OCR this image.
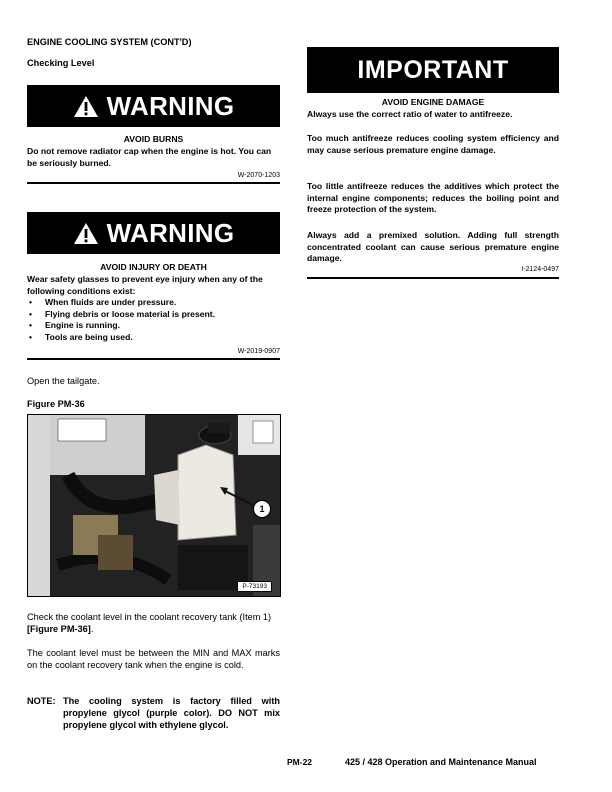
ENGINE COOLING SYSTEM (CONT'D)
Checking Level
WARNING
AVOID BURNS
Do not remove radiator cap when the engine is hot. You can be seriously burned.
W-2070-1203
WARNING
AVOID INJURY OR DEATH
Wear safety glasses to prevent eye injury when any of the following conditions exist:
• When fluids are under pressure.
• Flying debris or loose material is present.
• Engine is running.
• Tools are being used.
W-2019-0907
Open the tailgate.
Figure PM-36
1
P-73193
Check the coolant level in the coolant recovery tank (Item 1) [Figure PM-36].
The coolant level must be between the MIN and MAX marks on the coolant recovery tank when the engine is cold.
NOTE: The cooling system is factory filled with propylene glycol (purple color). DO NOT mix propylene glycol with ethylene glycol.
IMPORTANT
AVOID ENGINE DAMAGE
Always use the correct ratio of water to antifreeze.
Too much antifreeze reduces cooling system efficiency and may cause serious premature engine damage.
Too little antifreeze reduces the additives which protect the internal engine components; reduces the boiling point and freeze protection of the system.
Always add a premixed solution. Adding full strength concentrated coolant can cause serious premature engine damage.
I-2124-0497
PM-22	425 / 428 Operation and Maintenance Manual
